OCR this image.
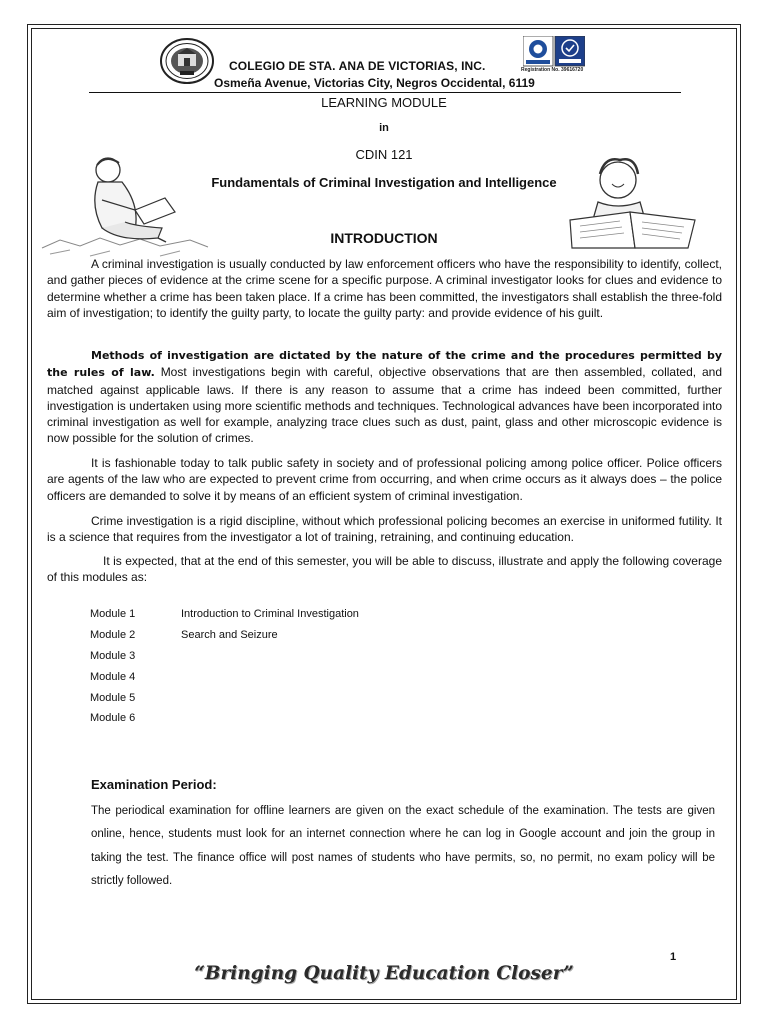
Registration No. 39616720
COLEGIO DE STA. ANA DE VICTORIAS, INC.
Osmeña Avenue, Victorias City, Negros Occidental, 6119
LEARNING MODULE
in
CDIN 121
Fundamentals of Criminal Investigation and Intelligence
INTRODUCTION
A criminal investigation is usually conducted by law enforcement officers who have the responsibility to identify, collect, and gather pieces of evidence at the crime scene for a specific purpose. A criminal investigator looks for clues and evidence to determine whether a crime has been taken place. If a crime has been committed, the investigators shall establish the three-fold aim of investigation; to identify the guilty party, to locate the guilty party: and provide evidence of his guilt.
Methods of investigation are dictated by the nature of the crime and the procedures permitted by the rules of law. Most investigations begin with careful, objective observations that are then assembled, collated, and matched against applicable laws. If there is any reason to assume that a crime has indeed been committed, further investigation is undertaken using more scientific methods and techniques. Technological advances have been incorporated into criminal investigation as well for example, analyzing trace clues such as dust, paint, glass and other microscopic evidence is now possible for the solution of crimes.
It is fashionable today to talk public safety in society and of professional policing among police officer. Police officers are agents of the law who are expected to prevent crime from occurring, and when crime occurs as it always does – the police officers are demanded to solve it by means of an efficient system of criminal investigation.
Crime investigation is a rigid discipline, without which professional policing becomes an exercise in uniformed futility. It is a science that requires from the investigator a lot of training, retraining, and continuing education.
It is expected, that at the end of this semester, you will be able to discuss, illustrate and apply the following coverage of this modules as:
Module 1	Introduction to Criminal Investigation
Module 2	Search and Seizure
Module 3
Module 4
Module 5
Module 6
Examination Period:
The periodical examination for offline learners are given on the exact schedule of the examination. The tests are given online, hence, students must look for an internet connection where he can log in Google account and join the group in taking the test. The finance office will post names of students who have permits, so, no permit, no exam policy will be strictly followed.
1
“Bringing Quality Education Closer”
